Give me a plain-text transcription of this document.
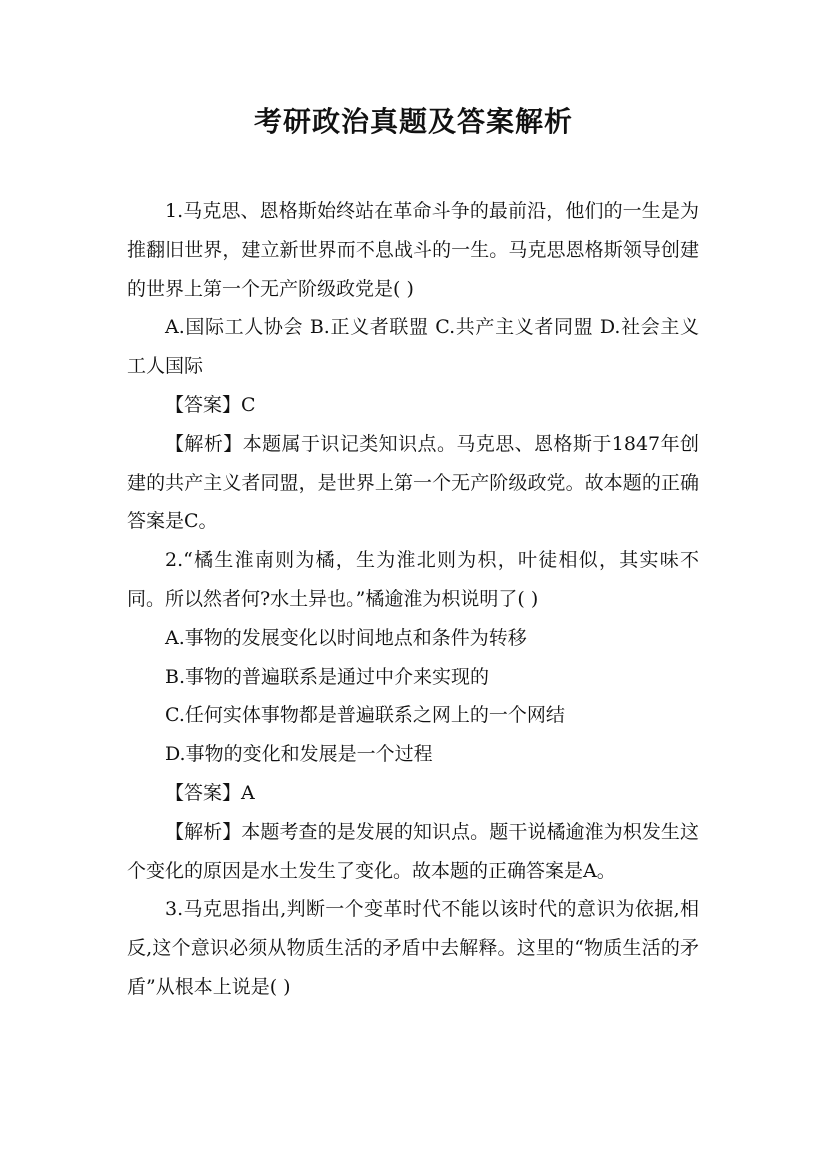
考研政治真题及答案解析

1.马克思、恩格斯始终站在革命斗争的最前沿，他们的一生是为推翻旧世界，建立新世界而不息战斗的一生。马克思恩格斯领导创建的世界上第一个无产阶级政党是( )

A.国际工人协会 B.正义者联盟 C.共产主义者同盟 D.社会主义工人国际

【答案】C

【解析】本题属于识记类知识点。马克思、恩格斯于1847年创建的共产主义者同盟，是世界上第一个无产阶级政党。故本题的正确答案是C。

2.“橘生淮南则为橘，生为淮北则为枳，叶徒相似，其实味不同。所以然者何?水土异也。”橘逾淮为枳说明了( )

A.事物的发展变化以时间地点和条件为转移

B.事物的普遍联系是通过中介来实现的

C.任何实体事物都是普遍联系之网上的一个网结

D.事物的变化和发展是一个过程

【答案】A

【解析】本题考查的是发展的知识点。题干说橘逾淮为枳发生这个变化的原因是水土发生了变化。故本题的正确答案是A。

3.马克思指出,判断一个变革时代不能以该时代的意识为依据,相反,这个意识必须从物质生活的矛盾中去解释。这里的“物质生活的矛盾”从根本上说是( )
